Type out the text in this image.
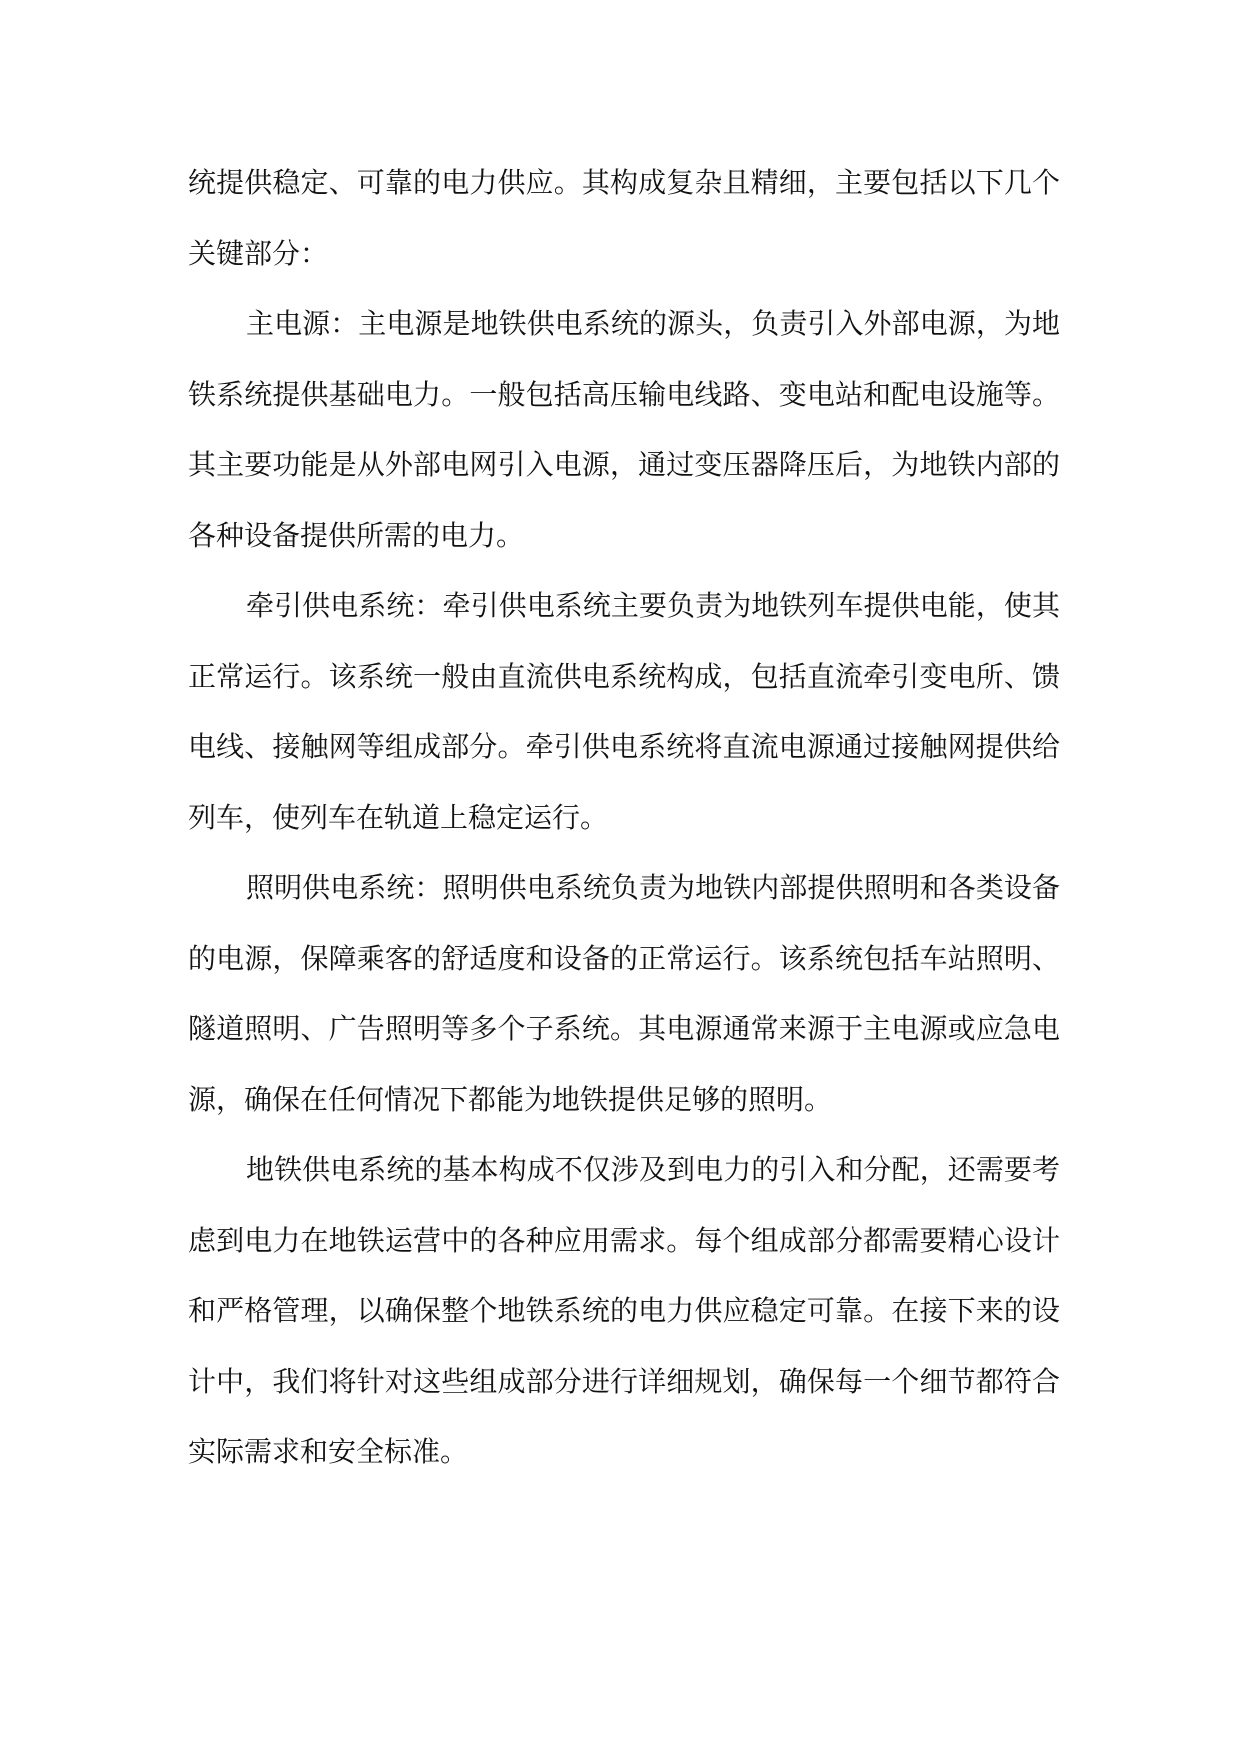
统提供稳定、可靠的电力供应。其构成复杂且精细，主要包括以下几个关键部分：

主电源：主电源是地铁供电系统的源头，负责引入外部电源，为地铁系统提供基础电力。一般包括高压输电线路、变电站和配电设施等。其主要功能是从外部电网引入电源，通过变压器降压后，为地铁内部的各种设备提供所需的电力。

牵引供电系统：牵引供电系统主要负责为地铁列车提供电能，使其正常运行。该系统一般由直流供电系统构成，包括直流牵引变电所、馈电线、接触网等组成部分。牵引供电系统将直流电源通过接触网提供给列车，使列车在轨道上稳定运行。

照明供电系统：照明供电系统负责为地铁内部提供照明和各类设备的电源，保障乘客的舒适度和设备的正常运行。该系统包括车站照明、隧道照明、广告照明等多个子系统。其电源通常来源于主电源或应急电源，确保在任何情况下都能为地铁提供足够的照明。

地铁供电系统的基本构成不仅涉及到电力的引入和分配，还需要考虑到电力在地铁运营中的各种应用需求。每个组成部分都需要精心设计和严格管理，以确保整个地铁系统的电力供应稳定可靠。在接下来的设计中，我们将针对这些组成部分进行详细规划，确保每一个细节都符合实际需求和安全标准。
